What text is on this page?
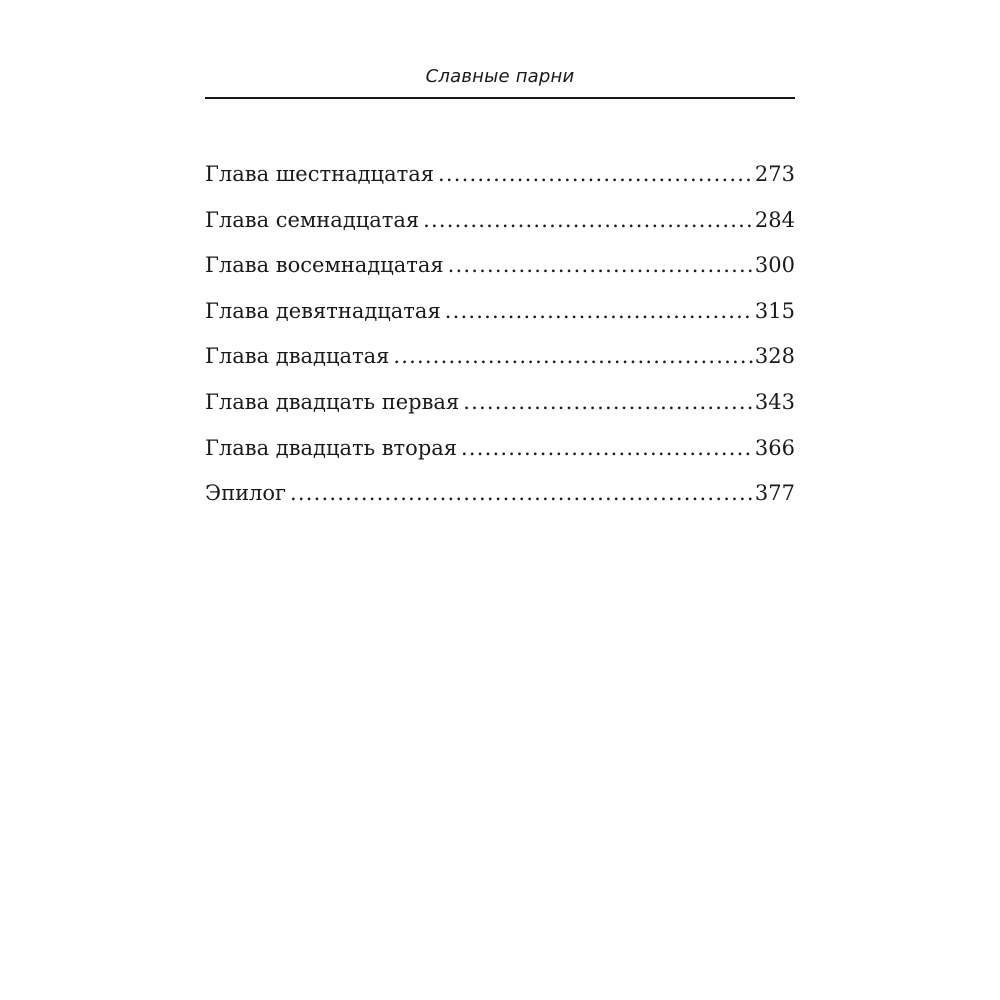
Славные парни
Глава шестнадцатая .....	273
Глава семнадцатая .....	284
Глава восемнадцатая .....	300
Глава девятнадцатая .....	315
Глава двадцатая .....	328
Глава двадцать первая .....	343
Глава двадцать вторая .....	366
Эпилог .....	377
